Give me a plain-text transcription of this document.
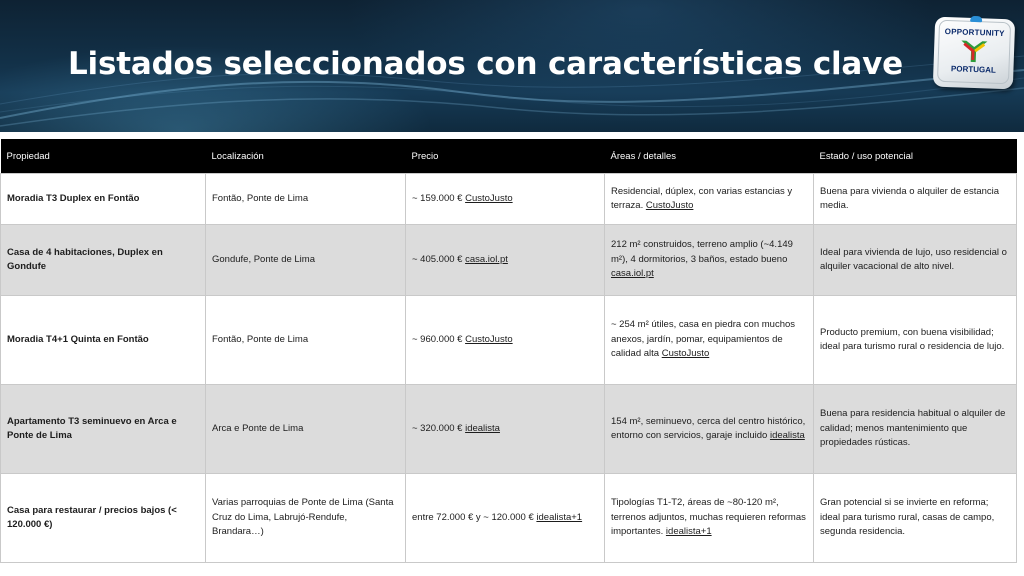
Listados seleccionados con características clave
OPPORTUNITY
PORTUGAL
Propiedad	Localización	Precio	Áreas / detalles	Estado / uso potencial
Moradia T3 Duplex en Fontão	Fontão, Ponte de Lima	~ 159.000 € CustoJusto	Residencial, dúplex, con varias estancias y terraza. CustoJusto	Buena para vivienda o alquiler de estancia media.
Casa de 4 habitaciones, Duplex en Gondufe	Gondufe, Ponte de Lima	~ 405.000 € casa.iol.pt	212 m² construidos, terreno amplio (~4.149 m²), 4 dormitorios, 3 baños, estado bueno casa.iol.pt	Ideal para vivienda de lujo, uso residencial o alquiler vacacional de alto nivel.
Moradia T4+1 Quinta en Fontão	Fontão, Ponte de Lima	~ 960.000 € CustoJusto	~ 254 m² útiles, casa en piedra con muchos anexos, jardín, pomar, equipamientos de calidad alta CustoJusto	Producto premium, con buena visibilidad; ideal para turismo rural o residencia de lujo.
Apartamento T3 seminuevo en Arca e Ponte de Lima	Arca e Ponte de Lima	~ 320.000 € idealista	154 m², seminuevo, cerca del centro histórico, entorno con servicios, garaje incluido idealista	Buena para residencia habitual o alquiler de calidad; menos mantenimiento que propiedades rústicas.
Casa para restaurar / precios bajos (< 120.000 €)	Varias parroquias de Ponte de Lima (Santa Cruz do Lima, Labrujó-Rendufe, Brandara…)	entre 72.000 € y ~ 120.000 € idealista+1	Tipologías T1-T2, áreas de ~80-120 m², terrenos adjuntos, muchas requieren reformas importantes. idealista+1	Gran potencial si se invierte en reforma; ideal para turismo rural, casas de campo, segunda residencia.
